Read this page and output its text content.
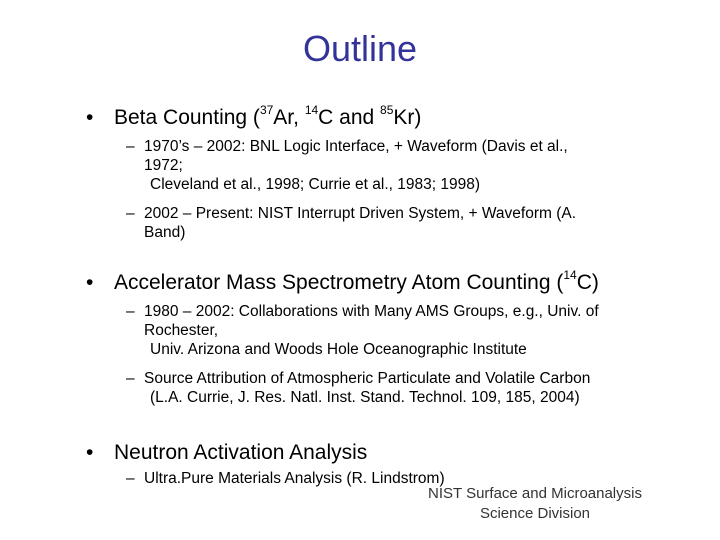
Outline
• Beta Counting ($^{37}$Ar, $^{14}$C and $^{85}$Kr)
– 1970’s – 2002: BNL Logic Interface, + Waveform (Davis et al.,
1972;
Cleveland et al., 1998; Currie et al., 1983; 1998)
– 2002 – Present: NIST Interrupt Driven System, + Waveform (A.
Band)
• Accelerator Mass Spectrometry Atom Counting ($^{14}$C)
– 1980 – 2002: Collaborations with Many AMS Groups, e.g., Univ. of
Rochester,
Univ. Arizona and Woods Hole Oceanographic Institute
– Source Attribution of Atmospheric Particulate and Volatile Carbon
(L.A. Currie, J. Res. Natl. Inst. Stand. Technol. 109, 185, 2004)
• Neutron Activation Analysis
– Ultra.Pure Materials Analysis (R. Lindstrom)
NIST Surface and Microanalysis
Science Division
